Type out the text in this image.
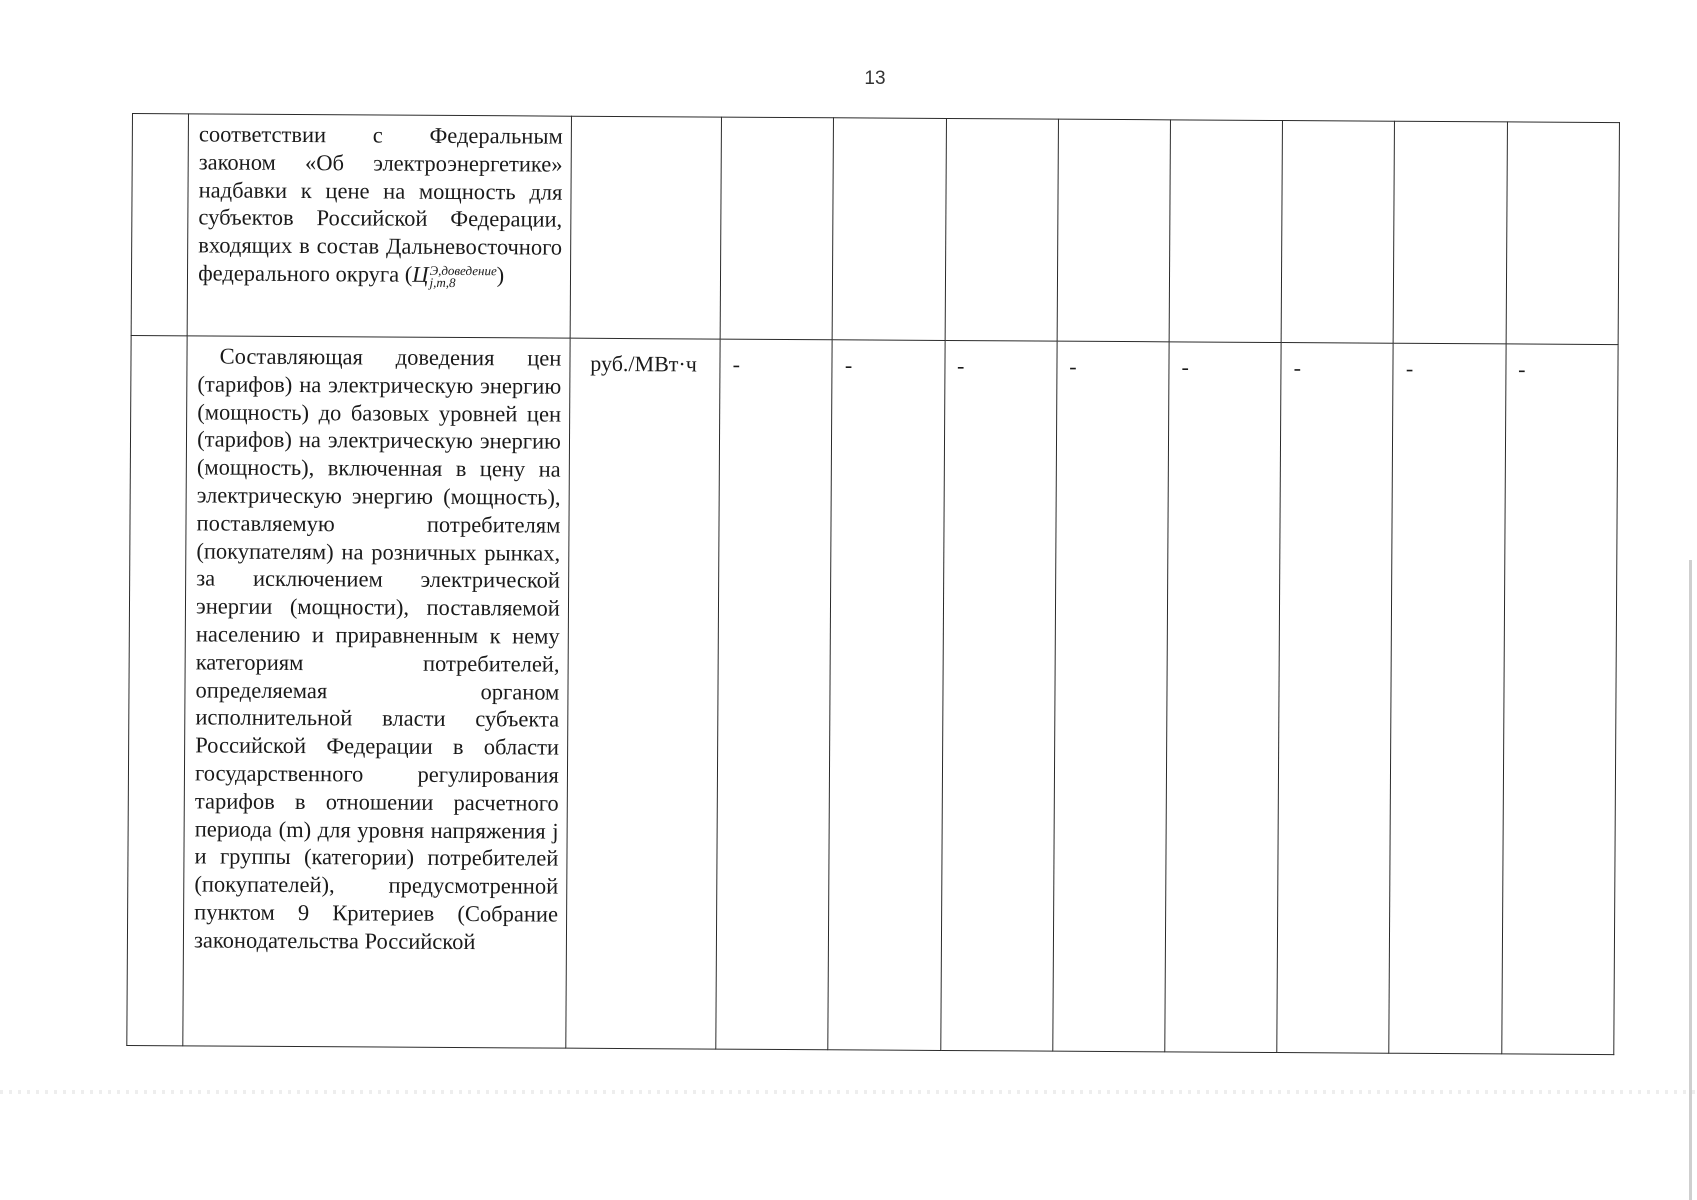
13

	соответствии с Федеральным законом «Об электроэнергетике» надбавки к цене на мощность для субъектов Российской Федерации, входящих в состав Дальневосточного федерального округа (Ц Э,доведение
j,m,8 )									

	Составляющая доведения цен (тарифов) на электрическую энергию (мощность) до базовых уровней цен (тарифов) на электрическую энергию (мощность), включенная в цену на электрическую энергию (мощность), поставляемую потребителям (покупателям) на розничных рынках, за исключением электрической энергии (мощности), поставляемой населению и приравненным к нему категориям потребителей, определяемая органом исполнительной власти субъекта Российской Федерации в области государственного регулирования тарифов в отношении расчетного периода (m) для уровня напряжения j и группы (категории) потребителей (покупателей), предусмотренной пунктом 9 Критериев (Собрание законодательства Российской	руб./МВт·ч	-	-	-	-	-	-	-	-
